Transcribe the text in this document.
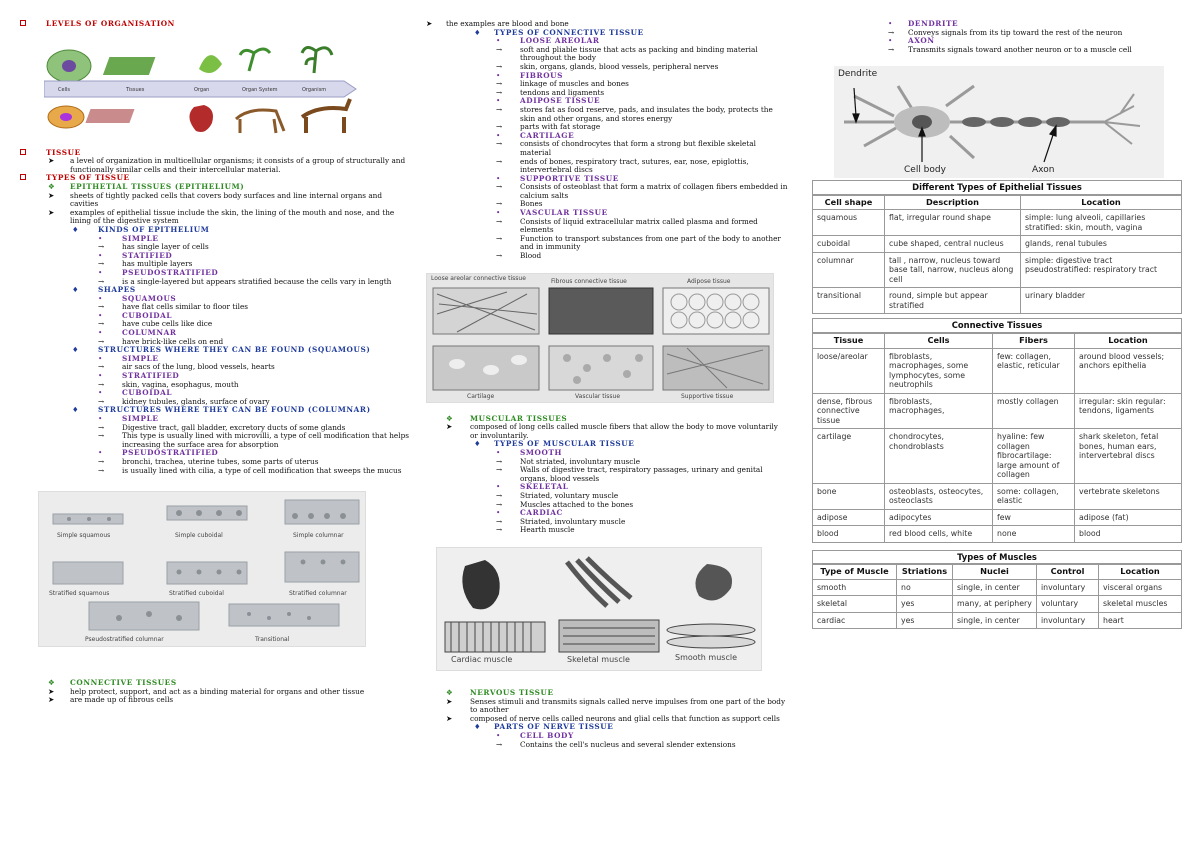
LEVELS OF ORGANISATION
Cells	Tissues	Organ	Organ System	Organism
TISSUE
➤	a level of organization in multicellular organisms; it consists of a group of structurally and functionally similar cells and their intercellular material.
TYPES OF TISSUE
❖	EPITHETIAL TISSUES (EPITHELIUM)
➤	sheets of tightly packed cells that covers body surfaces and line internal organs and cavities
➤	examples of epithelial tissue include the skin, the lining of the mouth and nose, and the lining of the digestive system
♦	KINDS OF EPITHELIUM
•	SIMPLE
→	has single layer of cells
•	STATIFIED
→	has multiple layers
•	PSEUDOSTRATIFIED
→	is a single-layered but appears stratified because the cells vary in length
♦	SHAPES
•	SQUAMOUS
→	have flat cells similar to floor tiles
•	CUBOIDAL
→	have cube cells like dice
•	COLUMNAR
→	have brick-like cells on end
♦	STRUCTURES WHERE THEY CAN BE FOUND (SQUAMOUS)
•	SIMPLE
→	air sacs of the lung, blood vessels, hearts
•	STRATIFIED
→	skin, vagina, esophagus, mouth
•	CUBOIDAL
→	kidney tubules, glands, surface of ovary
♦	STRUCTURES WHERE THEY CAN BE FOUND (COLUMNAR)
•	SIMPLE
→	Digestive tract, gall bladder, excretory ducts of some glands
→	This type is usually lined with microvilli, a type of cell modification that helps increasing the surface area for absorption
•	PSEUDOSTRATIFIED
→	bronchi, trachea, uterine tubes, some parts of uterus
→	is usually lined with cilia, a type of cell modification that sweeps the mucus
Simple squamous	Simple cuboidal	Simple columnar
Stratified squamous	Stratified cuboidal	Stratified columnar
Pseudostratified columnar	Transitional
❖	CONNECTIVE TISSUES
➤	help protect, support, and act as a binding material for organs and other tissue
➤	are made up of fibrous cells
➤	the examples are blood and bone
♦	TYPES OF CONNECTIVE TISSUE
•	LOOSE AREOLAR
→	soft and pliable tissue that acts as packing and binding material throughout the body
→	skin, organs, glands, blood vessels, peripheral nerves
•	FIBROUS
→	linkage of muscles and bones
→	tendons and ligaments
•	ADIPOSE TISSUE
→	stores fat as food reserve, pads, and insulates the body, protects the skin and other organs, and stores energy
→	parts with fat storage
•	CARTILAGE
→	consists of chondrocytes that form a strong but flexible skeletal material
→	ends of bones, respiratory tract, sutures, ear, nose, epiglottis, intervertebral discs
•	SUPPORTIVE TISSUE
→	Consists of osteoblast that form a matrix of collagen fibers embedded in calcium salts
→	Bones
•	VASCULAR TISSUE
→	Consists of liquid extracellular matrix called plasma and formed elements
→	Function to transport substances from one part of the body to another and in immunity
→	Blood
Loose areolar connective tissue	Fibrous connective tissue	Adipose tissue
Cartilage	Vascular tissue	Supportive tissue
❖	MUSCULAR TISSUES
➤	composed of long cells called muscle fibers that allow the body to move voluntarily or involuntarily.
♦	TYPES OF MUSCULAR TISSUE
•	SMOOTH
→	Not striated, involuntary muscle
→	Walls of digestive tract, respiratory passages, urinary and genital organs, blood vessels
•	SKELETAL
→	Striated, voluntary muscle
→	Muscles attached to the bones
•	CARDIAC
→	Striated, involuntary muscle
→	Hearth muscle
Cardiac muscle	Skeletal muscle	Smooth muscle
❖	NERVOUS TISSUE
➤	Senses stimuli and transmits signals called nerve impulses from one part of the body to another
➤	composed of nerve cells called neurons and glial cells that function as support cells
♦	PARTS OF NERVE TISSUE
•	CELL BODY
→	Contains the cell's nucleus and several slender extensions
•	DENDRITE
→	Conveys signals from its tip toward the rest of the neuron
•	AXON
→	Transmits signals toward another neuron or to a muscle cell
Dendrite
Cell body	Axon
Different Types of Epithelial Tissues
Cell shape	Description	Location
squamous	flat, irregular round shape	simple: lung alveoli, capillaries stratified: skin, mouth, vagina
cuboidal	cube shaped, central nucleus	glands, renal tubules
columnar	tall , narrow, nucleus toward base tall, narrow, nucleus along cell	simple: digestive tract pseudostratified: respiratory tract
transitional	round, simple but appear stratified	urinary bladder
Connective Tissues
Tissue	Cells	Fibers	Location
loose/areolar	fibroblasts, macrophages, some lymphocytes, some neutrophils	few: collagen, elastic, reticular	around blood vessels; anchors epithelia
dense, fibrous connective tissue	fibroblasts, macrophages,	mostly collagen	irregular: skin regular: tendons, ligaments
cartilage	chondrocytes, chondroblasts	hyaline: few collagen fibrocartilage: large amount of collagen	shark skeleton, fetal bones, human ears, intervertebral discs
bone	osteoblasts, osteocytes, osteoclasts	some: collagen, elastic	vertebrate skeletons
adipose	adipocytes	few	adipose (fat)
blood	red blood cells, white	none	blood
Types of Muscles
Type of Muscle	Striations	Nuclei	Control	Location
smooth	no	single, in center	involuntary	visceral organs
skeletal	yes	many, at periphery	voluntary	skeletal muscles
cardiac	yes	single, in center	involuntary	heart
